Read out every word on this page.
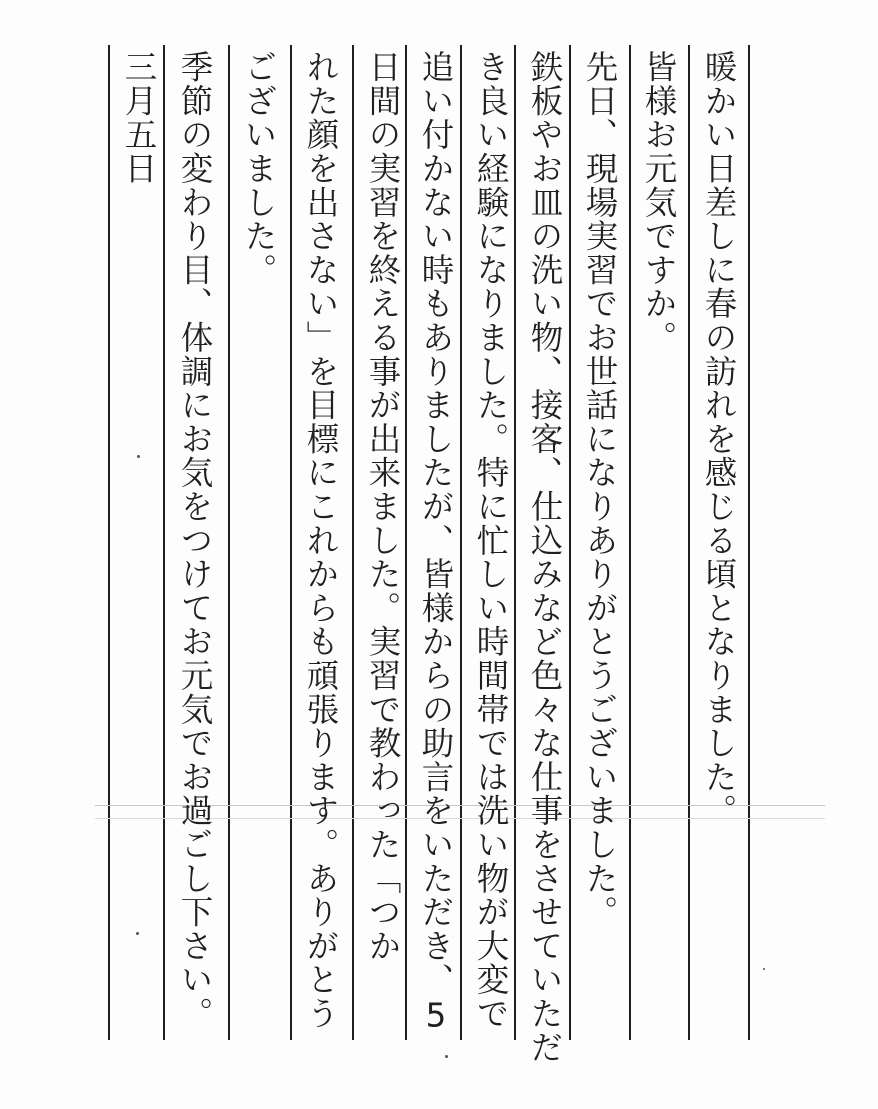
暖かい日差しに春の訪れを感じる頃となりました。
皆様お元気ですか。
先日、現場実習でお世話になりありがとうございました。
鉄板やお皿の洗い物、接客、仕込みなど色々な仕事をさせていただ
き良い経験になりました。特に忙しい時間帯では洗い物が大変で
追い付かない時もありましたが、皆様からの助言をいただき、5
日間の実習を終える事が出来ました。実習で教わった「つか
れた顔を出さない」を目標にこれからも頑張ります。ありがとう
ございました。
季節の変わり目、体調にお気をつけてお元気でお過ごし下さい。
三月五日
